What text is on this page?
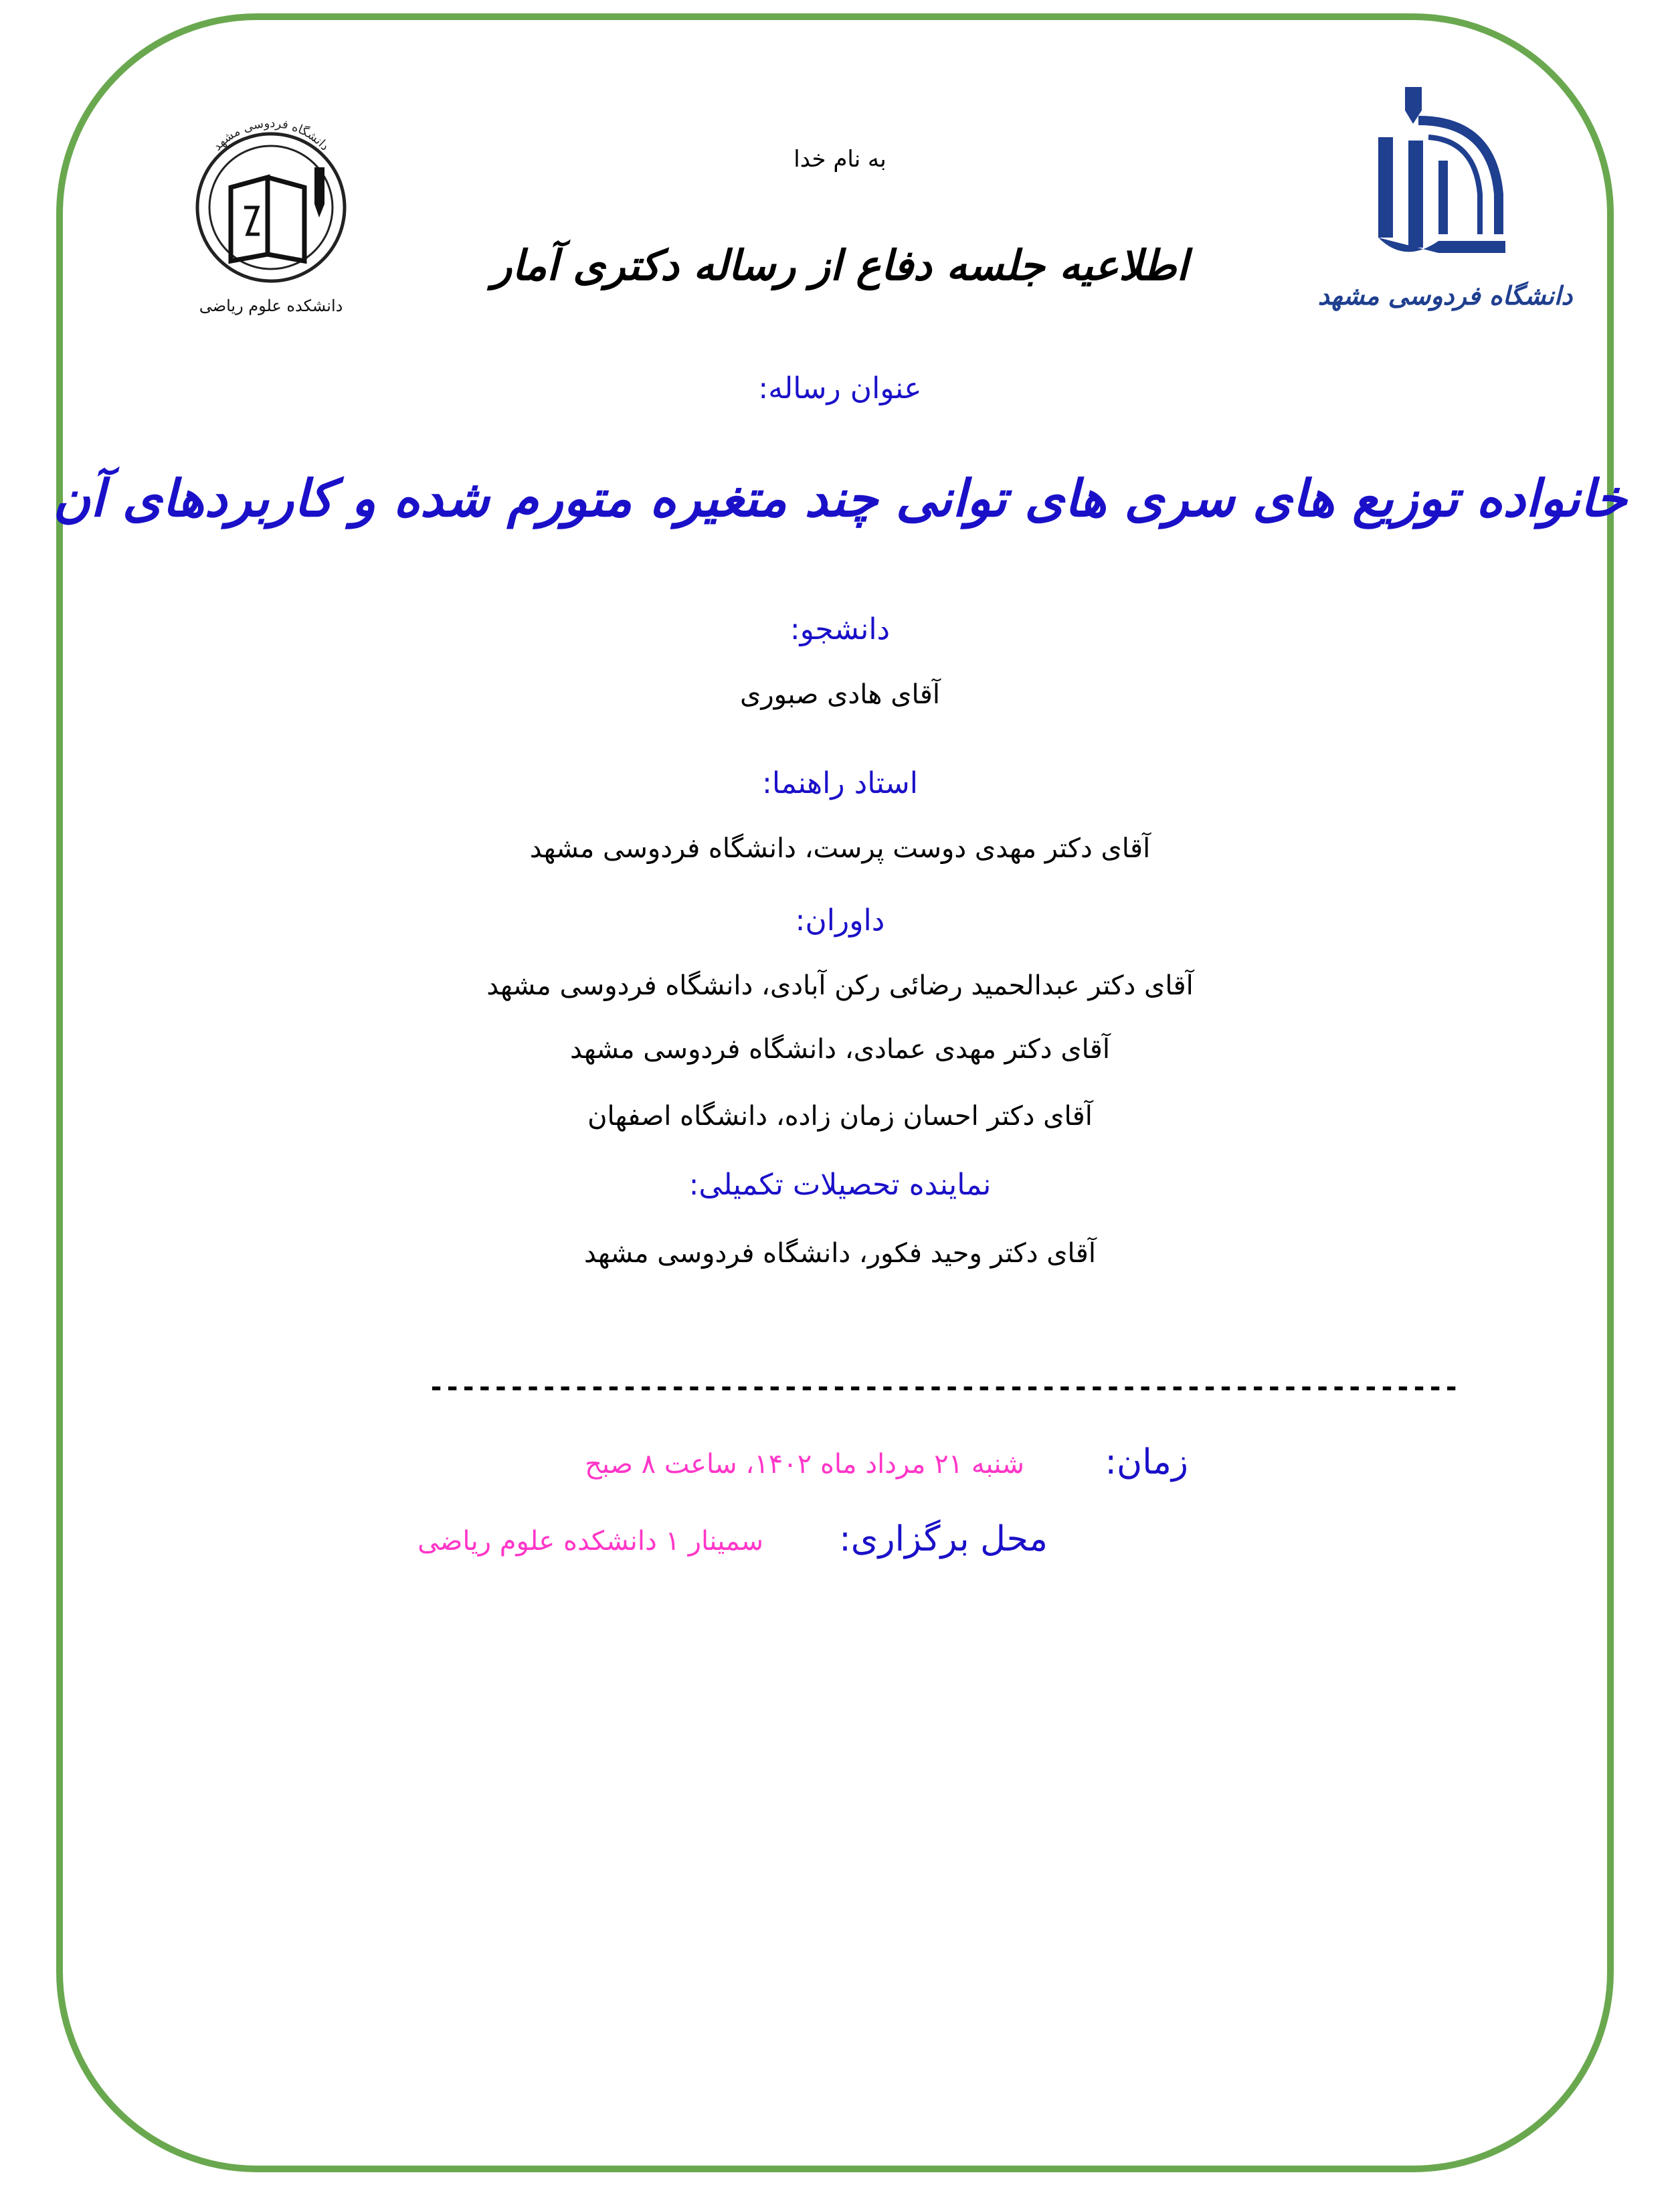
دانشگاه فردوسی مشهد
دانشکده علوم ریاضی	دانشگاه فردوسی مشهد
به نام خدا
اطلاعیه جلسه دفاع از رساله دکتری آمار
عنوان رساله:
خانواده توزیع های سری های توانی چند متغیره متورم شده و کاربردهای آن
دانشجو:
آقای هادی صبوری
استاد راهنما:
آقای دکتر مهدی دوست پرست، دانشگاه فردوسی مشهد
داوران:
آقای دکتر عبدالحمید رضائی رکن آبادی، دانشگاه فردوسی مشهد
آقای دکتر مهدی عمادی، دانشگاه فردوسی مشهد
آقای دکتر احسان زمان زاده، دانشگاه اصفهان
نماینده تحصیلات تکمیلی:
آقای دکتر وحید فکور، دانشگاه فردوسی مشهد
----------------------------------------------------------------
زمان:
شنبه ۲۱ مرداد ماه ۱۴۰۲، ساعت ۸ صبح
محل برگزاری:
سمینار ۱ دانشکده علوم ریاضی
